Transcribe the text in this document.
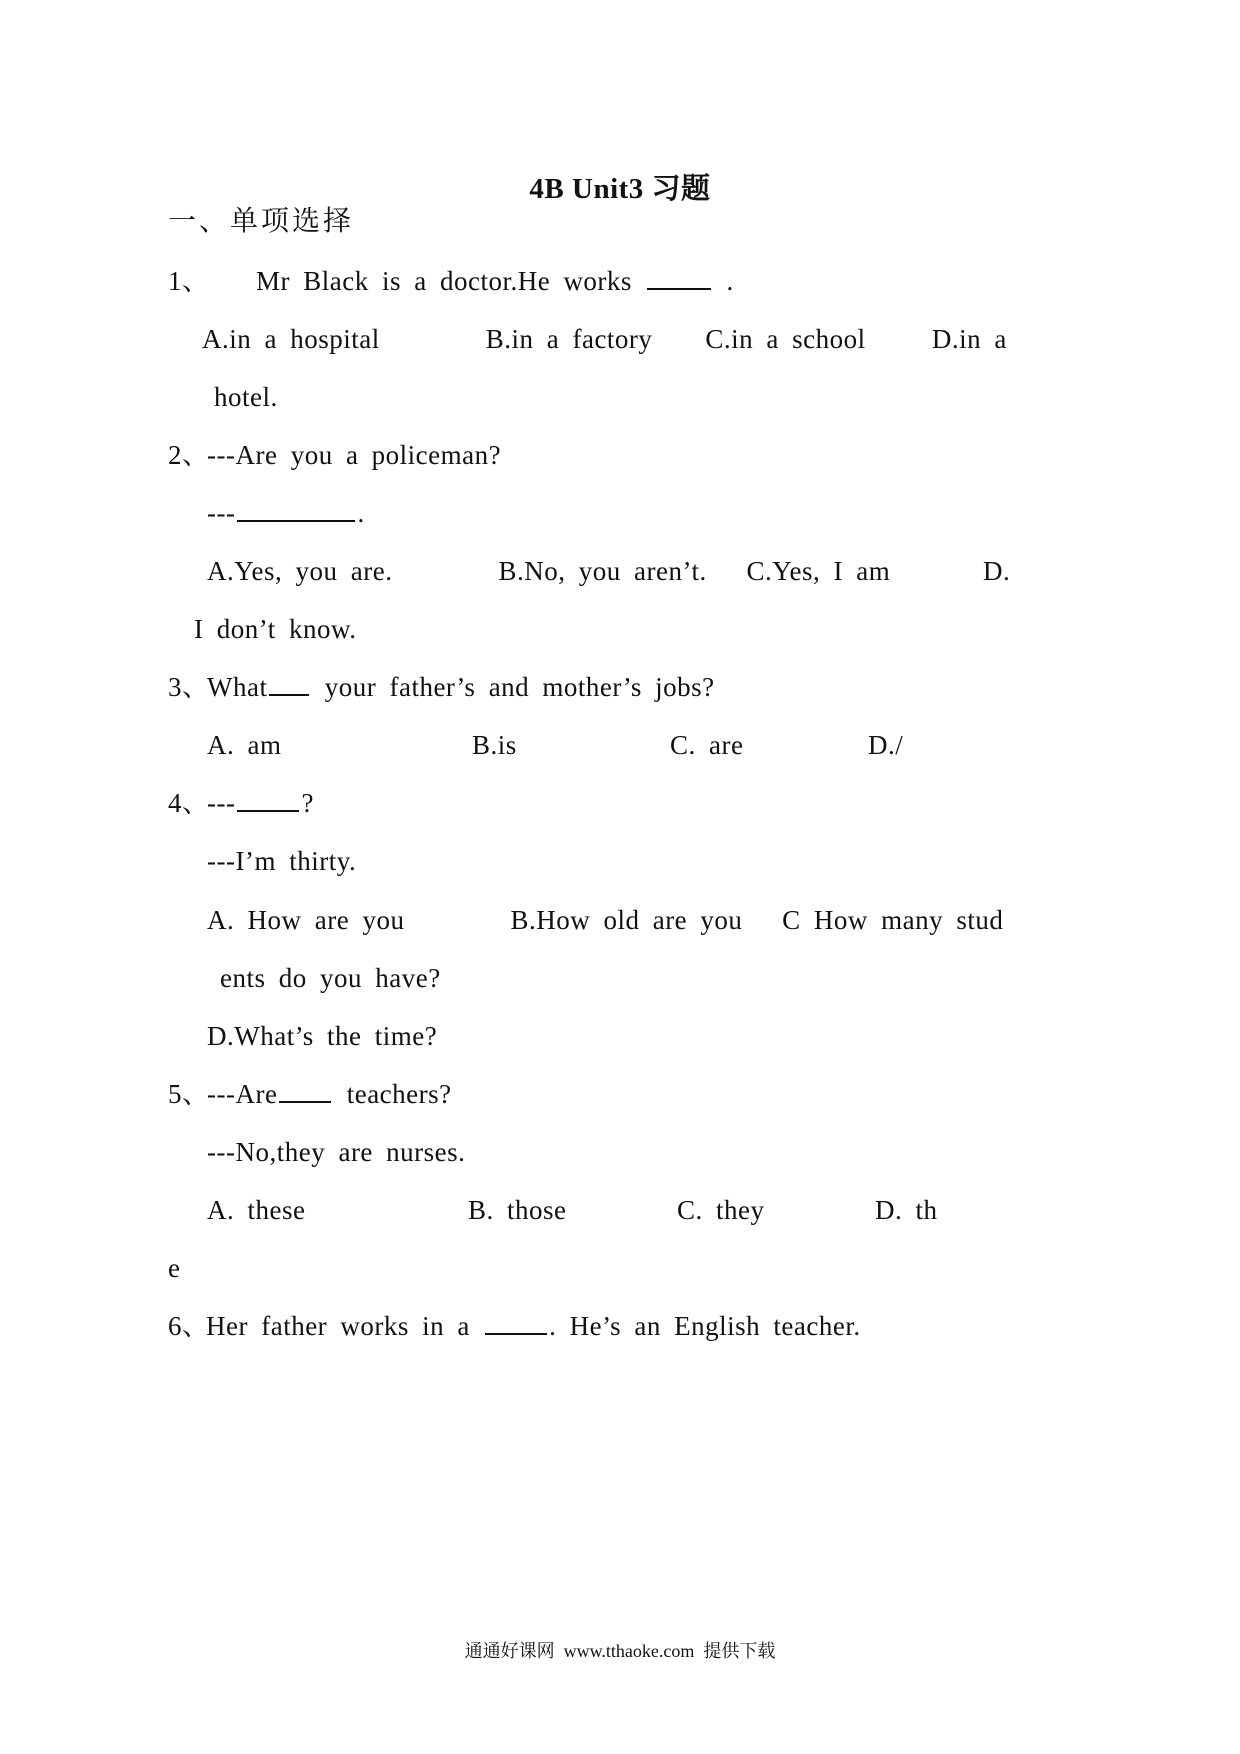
4B Unit3 习题
一、单项选择
1、 Mr Black is a doctor.He works	.
A.in a hospital        B.in a factory    C.in a school     D.in a
hotel.
2、
---Are you a policeman?
---	.
A.Yes, you are.        B.No, you aren’t.   C.Yes, I am       D.
I don’t know.
3、
What your father’s and mother’s jobs?
A. am	B.is	C. are	D./
4、
--- ?
---I’m thirty.
A. How are you        B.How old are you   C How many stud
ents do you have?
D.What’s the time?
5、
---Are teachers?
---No,they are nurses.
A. these	B. those	C. they	D. th
e
6、
Her father works in a . He’s an English teacher.
通通好课网  www.tthaoke.com  提供下载
